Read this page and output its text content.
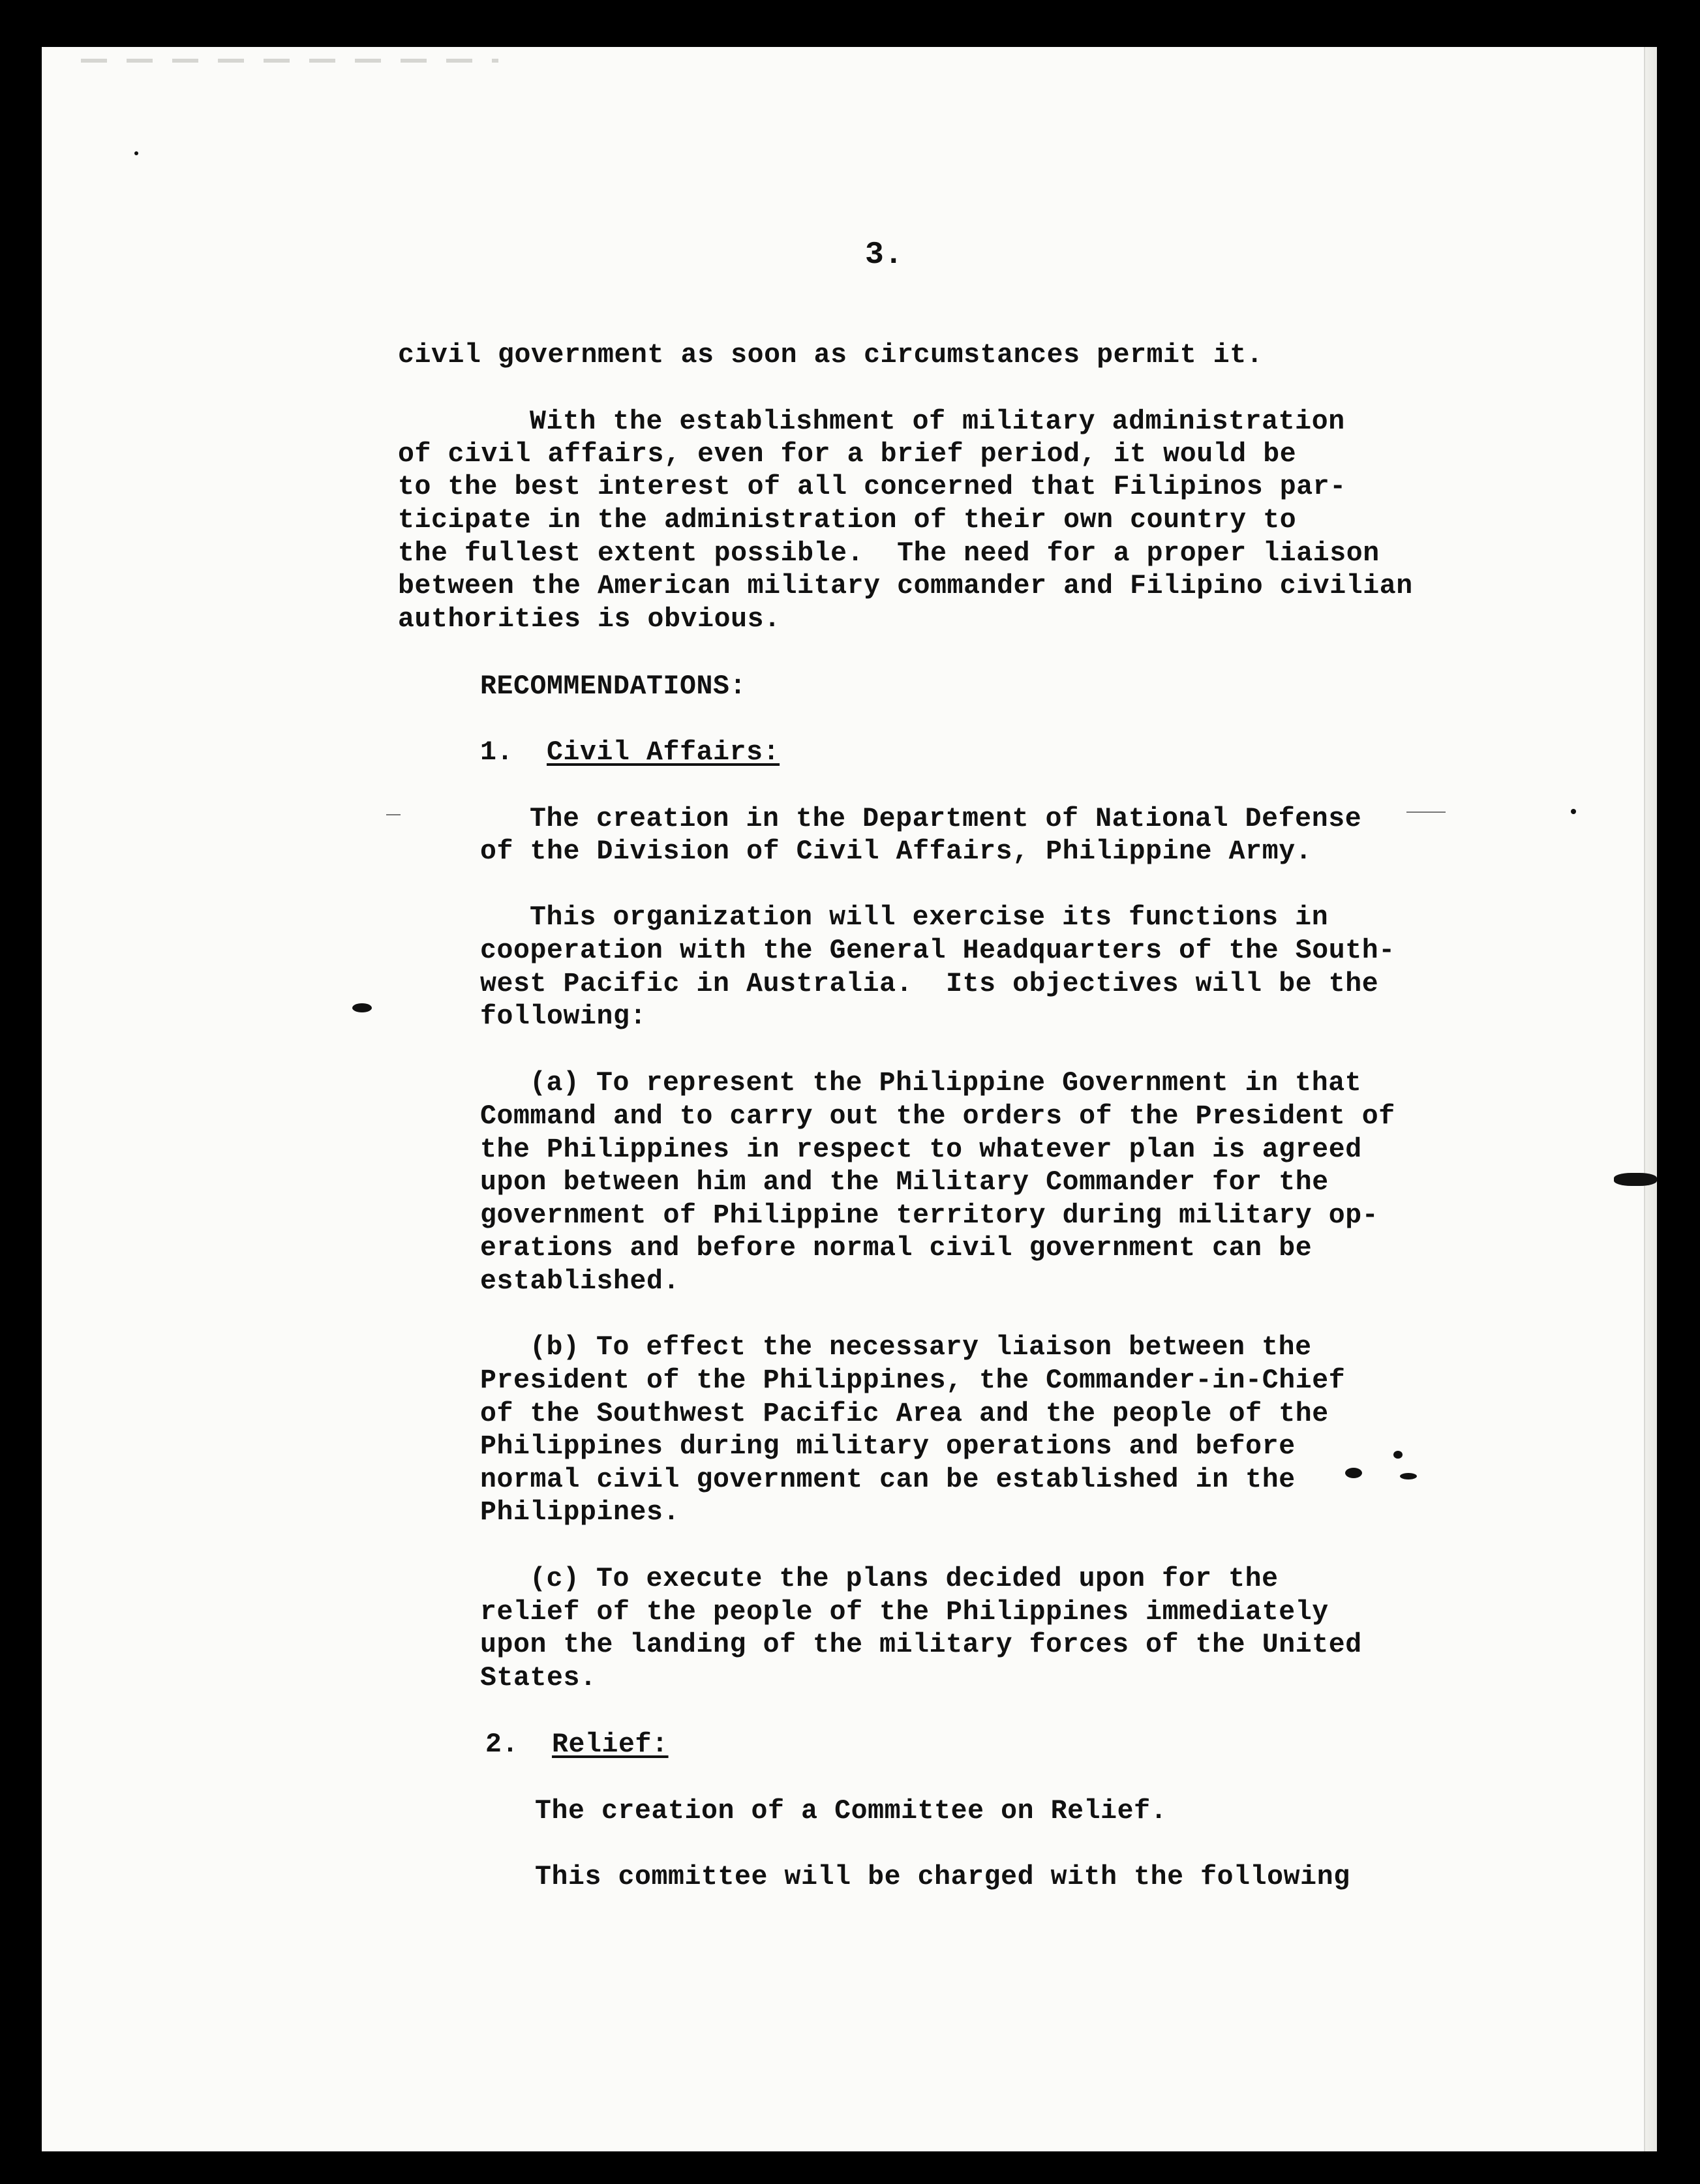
3.
civil government as soon as circumstances permit it.
With the establishment of military administration
of civil affairs, even for a brief period, it would be
to the best interest of all concerned that Filipinos par-
ticipate in the administration of their own country to
the fullest extent possible.  The need for a proper liaison
between the American military commander and Filipino civilian
authorities is obvious.
RECOMMENDATIONS:
1. Civil Affairs:
The creation in the Department of National Defense
of the Division of Civil Affairs, Philippine Army.
This organization will exercise its functions in
cooperation with the General Headquarters of the South-
west Pacific in Australia.  Its objectives will be the
following:
(a) To represent the Philippine Government in that
Command and to carry out the orders of the President of
the Philippines in respect to whatever plan is agreed
upon between him and the Military Commander for the
government of Philippine territory during military op-
erations and before normal civil government can be
established.
(b) To effect the necessary liaison between the
President of the Philippines, the Commander-in-Chief
of the Southwest Pacific Area and the people of the
Philippines during military operations and before
normal civil government can be established in the
Philippines.
(c) To execute the plans decided upon for the
relief of the people of the Philippines immediately
upon the landing of the military forces of the United
States.
2. Relief:
The creation of a Committee on Relief.
This committee will be charged with the following
